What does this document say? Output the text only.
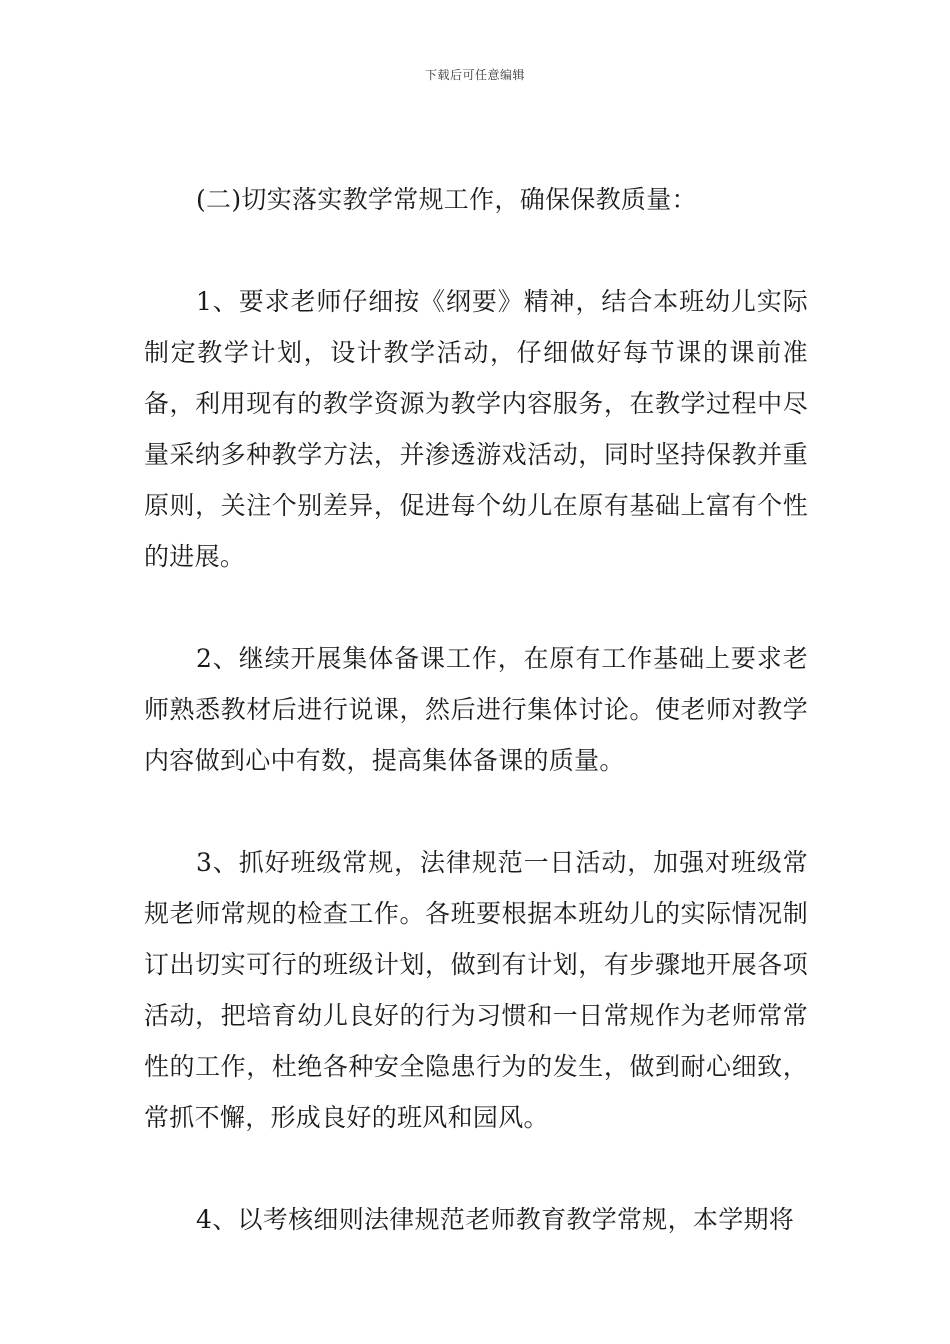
下载后可任意编辑

(二)切实落实教学常规工作，确保保教质量：

1、要求老师仔细按《纲要》精神，结合本班幼儿实际制定教学计划，设计教学活动，仔细做好每节课的课前准备，利用现有的教学资源为教学内容服务，在教学过程中尽量采纳多种教学方法，并渗透游戏活动，同时坚持保教并重原则，关注个别差异，促进每个幼儿在原有基础上富有个性的进展。

2、继续开展集体备课工作，在原有工作基础上要求老师熟悉教材后进行说课，然后进行集体讨论。使老师对教学内容做到心中有数，提高集体备课的质量。

3、抓好班级常规，法律规范一日活动，加强对班级常规老师常规的检查工作。各班要根据本班幼儿的实际情况制订出切实可行的班级计划，做到有计划，有步骤地开展各项活动，把培育幼儿良好的行为习惯和一日常规作为老师常常性的工作，杜绝各种安全隐患行为的发生，做到耐心细致，常抓不懈，形成良好的班风和园风。

4、以考核细则法律规范老师教育教学常规，本学期将
